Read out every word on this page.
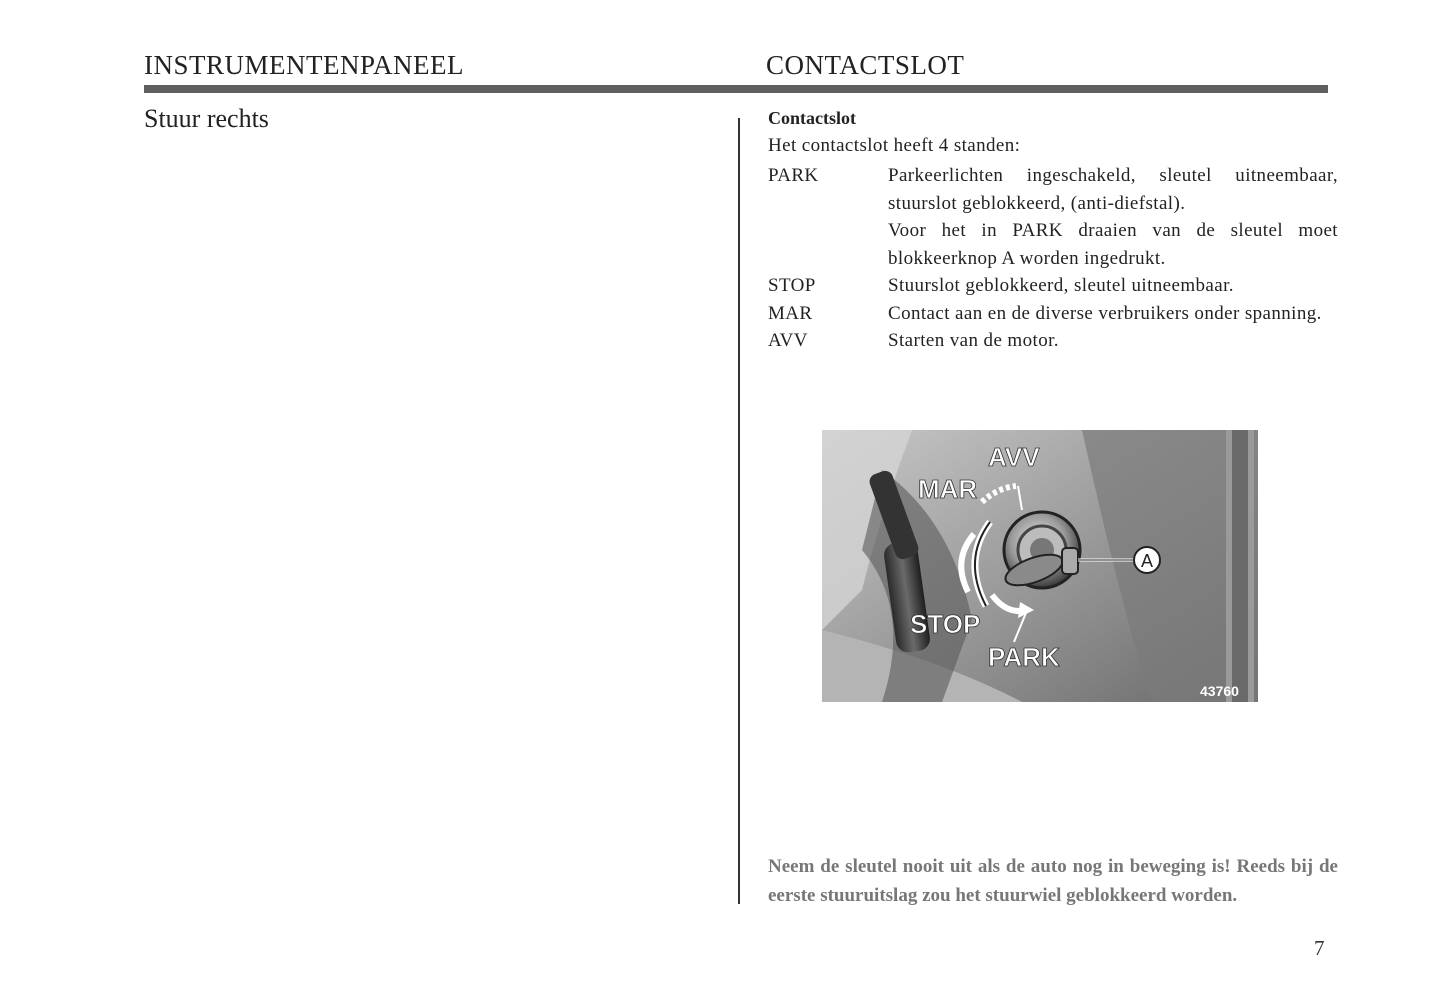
INSTRUMENTENPANEEL	CONTACTSLOT
Stuur rechts	Contactslot
Het contactslot heeft 4 standen:
PARK	Parkeerlichten ingeschakeld, sleutel uitneembaar, stuurslot geblokkeerd, (anti-diefstal).

Voor het in PARK draaien van de sleutel moet blokkeerknop A worden ingedrukt.

STOP	Stuurslot geblokkeerd, sleutel uitneembaar.

MAR	Contact aan en de diverse verbruikers onder spanning.

AVV	Starten van de motor.

A
AVV
MAR
STOP
PARK
43760
Neem de sleutel nooit uit als de auto nog in beweging is! Reeds bij de eerste stuuruitslag zou het stuurwiel geblokkeerd worden.
7
